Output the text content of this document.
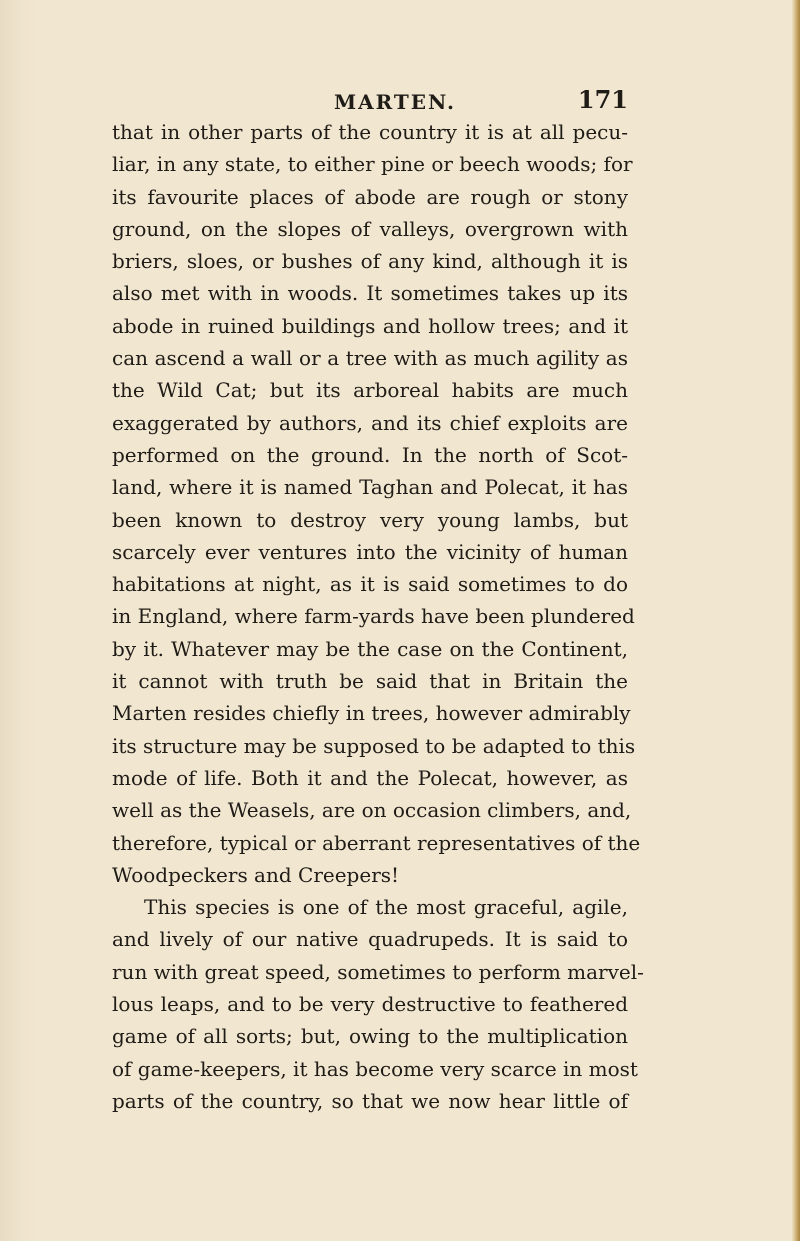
MARTEN.	171
that in other parts of the country it is at all pecu-
liar, in any state, to either pine or beech woods; for
its favourite places of abode are rough or stony
ground, on the slopes of valleys, overgrown with
briers, sloes, or bushes of any kind, although it is
also met with in woods. It sometimes takes up its
abode in ruined buildings and hollow trees; and it
can ascend a wall or a tree with as much agility as
the Wild Cat; but its arboreal habits are much
exaggerated by authors, and its chief exploits are
performed on the ground. In the north of Scot-
land, where it is named Taghan and Polecat, it has
been known to destroy very young lambs, but
scarcely ever ventures into the vicinity of human
habitations at night, as it is said sometimes to do
in England, where farm-yards have been plundered
by it. Whatever may be the case on the Continent,
it cannot with truth be said that in Britain the
Marten resides chiefly in trees, however admirably
its structure may be supposed to be adapted to this
mode of life. Both it and the Polecat, however, as
well as the Weasels, are on occasion climbers, and,
therefore, typical or aberrant representatives of the
Woodpeckers and Creepers!
This species is one of the most graceful, agile,
and lively of our native quadrupeds. It is said to
run with great speed, sometimes to perform marvel-
lous leaps, and to be very destructive to feathered
game of all sorts; but, owing to the multiplication
of game-keepers, it has become very scarce in most
parts of the country, so that we now hear little of
